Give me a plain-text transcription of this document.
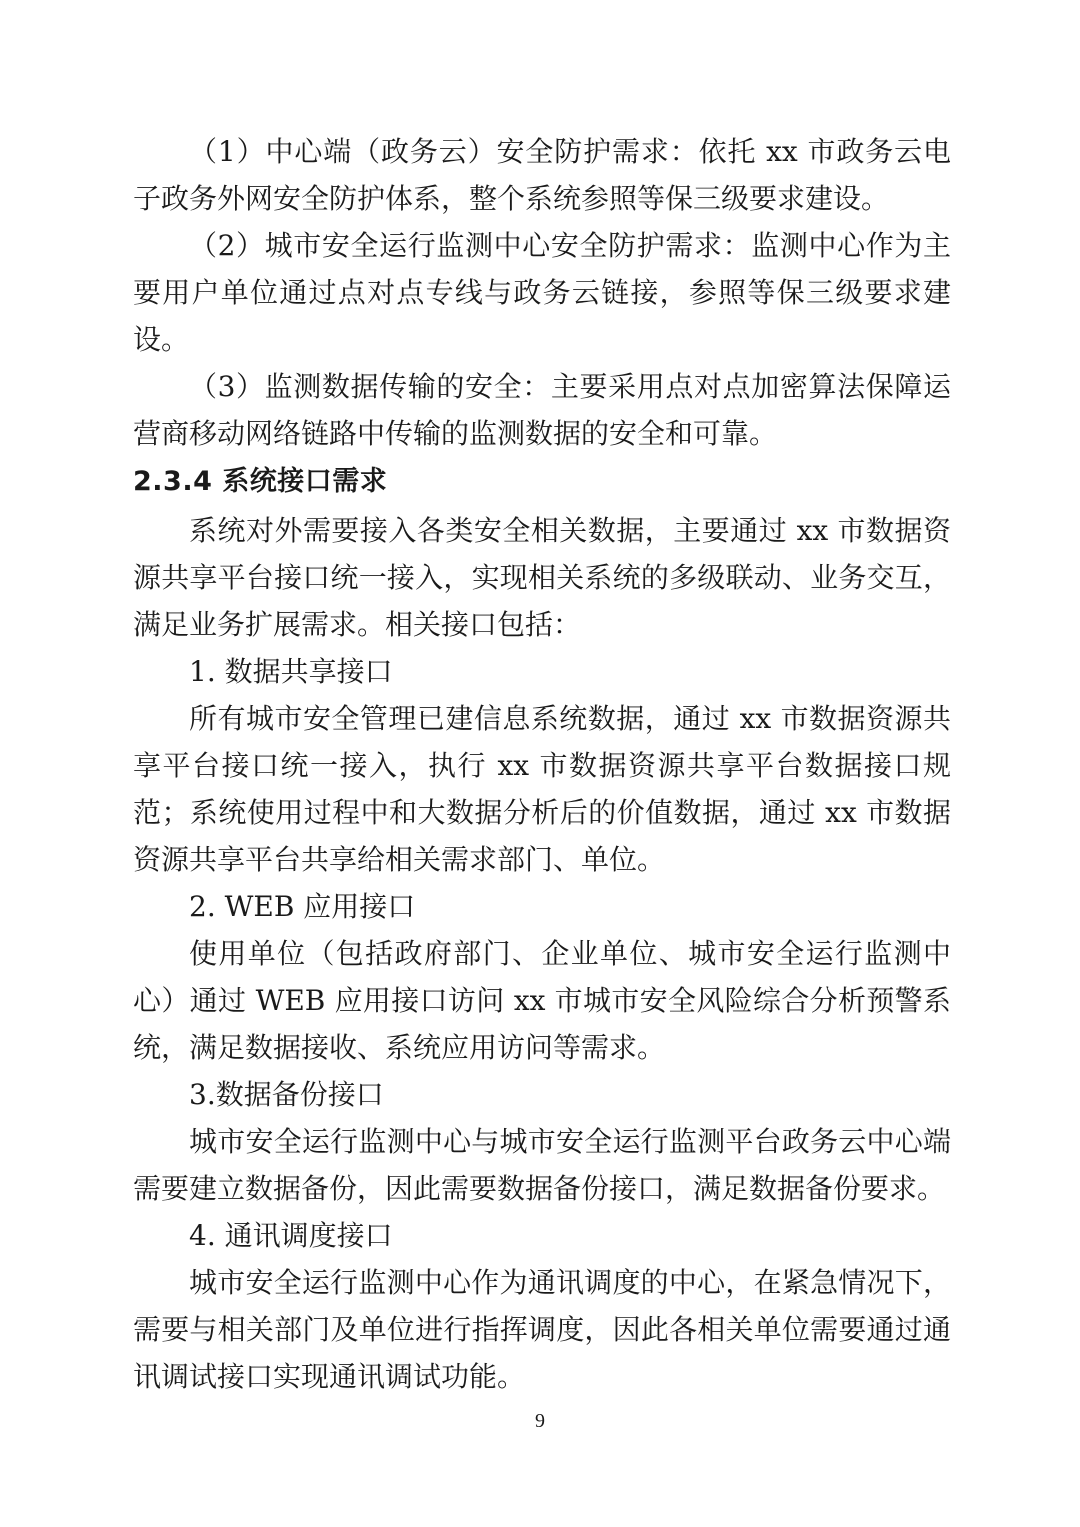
（1）中心端（政务云）安全防护需求：依托 xx 市政务云电子政务外网安全防护体系，整个系统参照等保三级要求建设。

（2）城市安全运行监测中心安全防护需求：监测中心作为主要用户单位通过点对点专线与政务云链接，参照等保三级要求建设。

（3）监测数据传输的安全：主要采用点对点加密算法保障运营商移动网络链路中传输的监测数据的安全和可靠。

2.3.4 系统接口需求

系统对外需要接入各类安全相关数据，主要通过 xx 市数据资源共享平台接口统一接入，实现相关系统的多级联动、业务交互，满足业务扩展需求。相关接口包括：

1. 数据共享接口

所有城市安全管理已建信息系统数据，通过 xx 市数据资源共享平台接口统一接入，执行 xx 市数据资源共享平台数据接口规范；系统使用过程中和大数据分析后的价值数据，通过 xx 市数据资源共享平台共享给相关需求部门、单位。

2. WEB 应用接口

使用单位（包括政府部门、企业单位、城市安全运行监测中心）通过 WEB 应用接口访问 xx 市城市安全风险综合分析预警系统，满足数据接收、系统应用访问等需求。

3.数据备份接口

城市安全运行监测中心与城市安全运行监测平台政务云中心端需要建立数据备份，因此需要数据备份接口，满足数据备份要求。

4. 通讯调度接口

城市安全运行监测中心作为通讯调度的中心，在紧急情况下，需要与相关部门及单位进行指挥调度，因此各相关单位需要通过通讯调试接口实现通讯调试功能。

9
